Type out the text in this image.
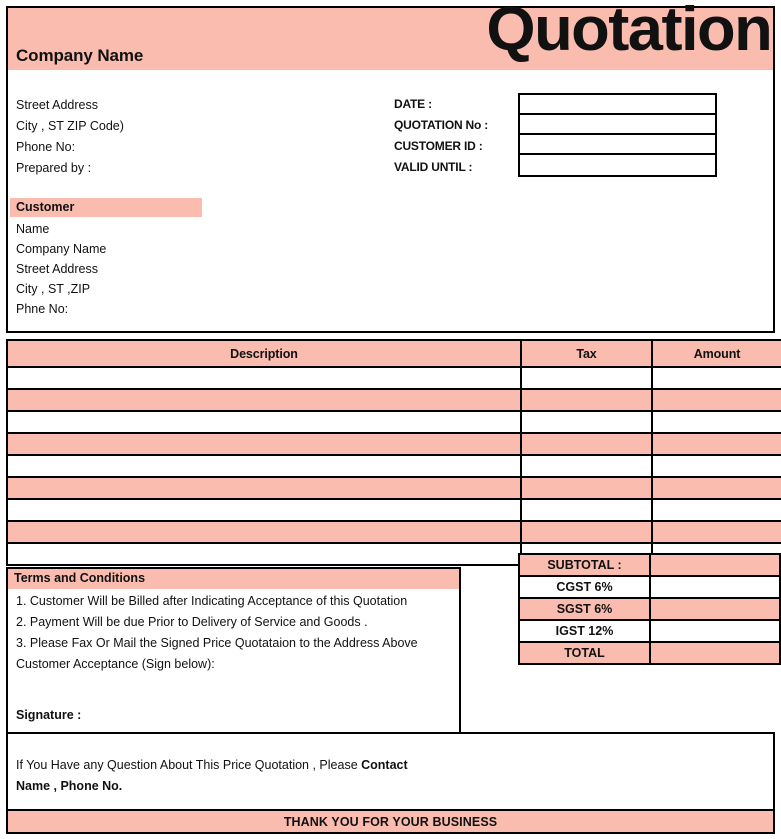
Company Name	Quotation
Street Address
City , ST ZIP Code)
Phone No:
Prepared by :
DATE :
QUOTATION No :
CUSTOMER ID :
VALID UNTIL :
Customer
Name
Company Name
Street Address
City , ST ,ZIP
Phne No:
Description	Tax	Amount

SUBTOTAL :	
CGST 6%	
SGST 6%	
IGST 12%	
TOTAL	
Terms and Conditions
1. Customer Will be Billed after Indicating Acceptance of this Quotation
2. Payment Will be due Prior to Delivery of Service and Goods .
3. Please Fax Or Mail the Signed Price Quotataion to the Address Above
Customer Acceptance (Sign below):
Signature :
If You Have any Question About This Price Quotation , Please Contact
Name , Phone No.
THANK YOU FOR YOUR BUSINESS
